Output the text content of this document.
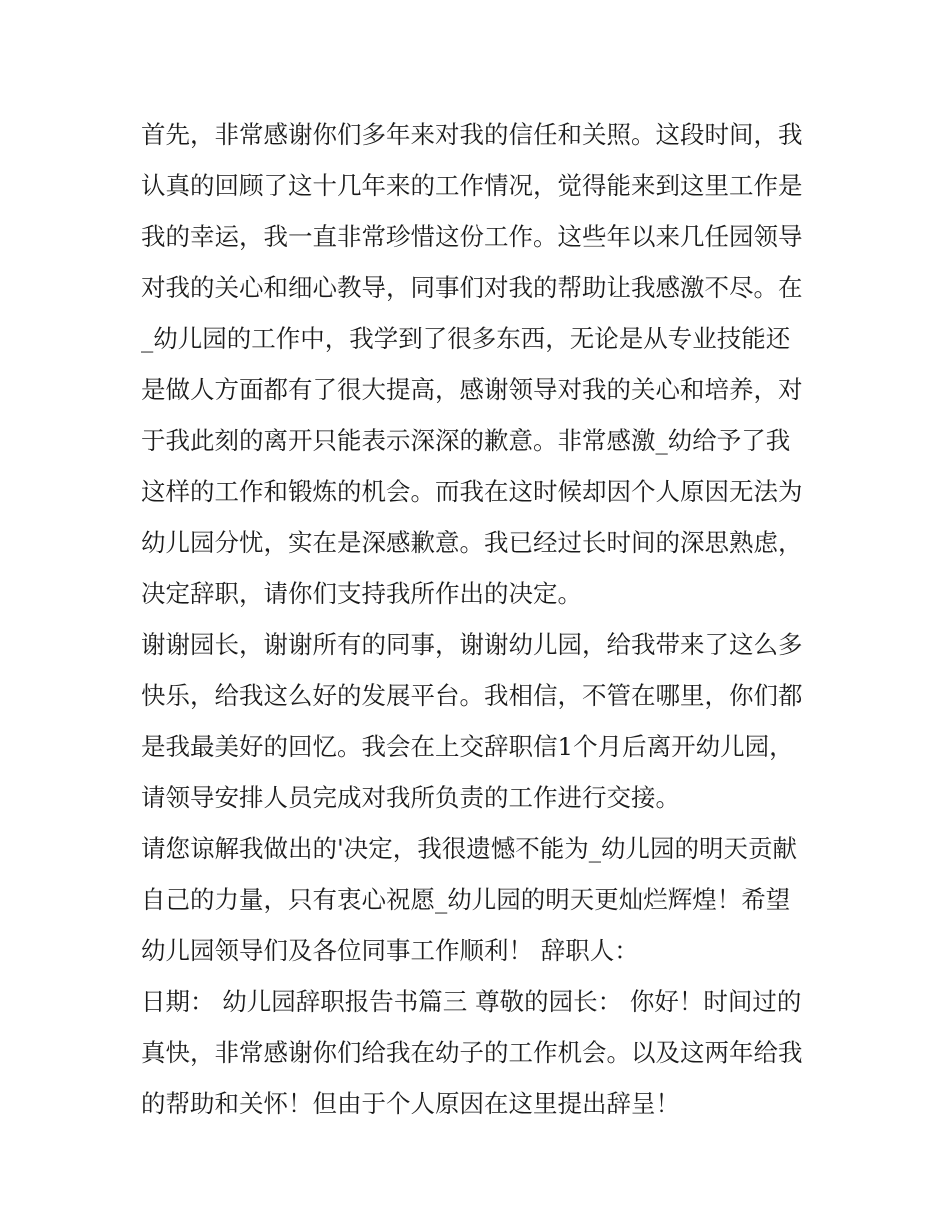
首先，非常感谢你们多年来对我的信任和关照。这段时间，我
认真的回顾了这十几年来的工作情况，觉得能来到这里工作是
我的幸运，我一直非常珍惜这份工作。这些年以来几任园领导
对我的关心和细心教导，同事们对我的帮助让我感激不尽。在
_幼儿园的工作中，我学到了很多东西，无论是从专业技能还
是做人方面都有了很大提高，感谢领导对我的关心和培养，对
于我此刻的离开只能表示深深的歉意。非常感激_幼给予了我
这样的工作和锻炼的机会。而我在这时候却因个人原因无法为
幼儿园分忧，实在是深感歉意。我已经过长时间的深思熟虑，
决定辞职，请你们支持我所作出的决定。
谢谢园长，谢谢所有的同事，谢谢幼儿园，给我带来了这么多
快乐，给我这么好的发展平台。我相信，不管在哪里，你们都
是我最美好的回忆。我会在上交辞职信1个月后离开幼儿园，
请领导安排人员完成对我所负责的工作进行交接。
请您谅解我做出的'决定，我很遗憾不能为_幼儿园的明天贡献
自己的力量，只有衷心祝愿_幼儿园的明天更灿烂辉煌！希望
幼儿园领导们及各位同事工作顺利！ 辞职人：
日期： 幼儿园辞职报告书篇三 尊敬的园长： 你好！时间过的
真快，非常感谢你们给我在幼子的工作机会。以及这两年给我
的帮助和关怀！但由于个人原因在这里提出辞呈！
